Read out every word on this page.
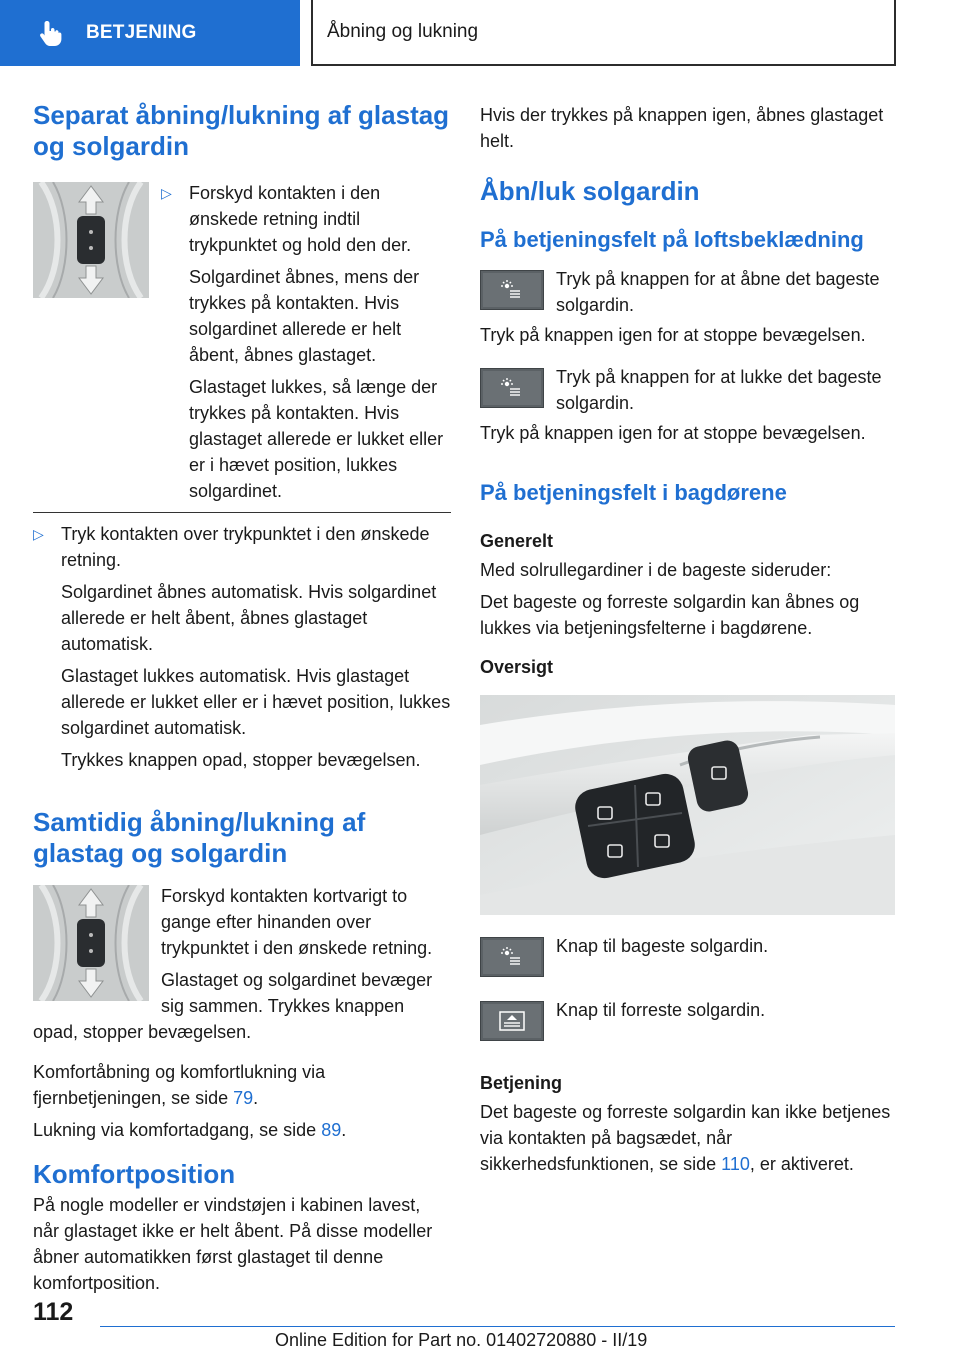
BETJENING	Åbning og lukning
Separat åbning/lukning af glastag og solgardin
▷ Forskyd kontakten i den ønskede retning indtil trykpunktet og hold den der.

Solgardinet åbnes, mens der trykkes på kontakten. Hvis solgardinet allerede er helt åbent, åbnes glastaget.

Glastaget lukkes, så længe der trykkes på kontakten. Hvis glastaget allerede er lukket eller er i hævet position, lukkes solgardinet.

▷ Tryk kontakten over trykpunktet i den ønskede retning.

Solgardinet åbnes automatisk. Hvis solgardinet allerede er helt åbent, åbnes glastaget automatisk.

Glastaget lukkes automatisk. Hvis glastaget allerede er lukket eller er i hævet position, lukkes solgardinet automatisk.

Trykkes knappen opad, stopper bevægelsen.

Samtidig åbning/lukning af glastag og solgardin

Forskyd kontakten kortvarigt to gange efter hinanden over trykpunktet i den ønskede retning.

Glastaget og solgardinet bevæger sig sammen. Trykkes knappen opad, stopper bevægelsen.

Komfortåbning og komfortlukning via fjernbetjeningen, se side 79.

Lukning via komfortadgang, se side 89.

Komfortposition

På nogle modeller er vindstøjen i kabinen lavest, når glastaget ikke er helt åbent. På disse modeller åbner automatikken først glastaget til denne komfortposition.

Hvis der trykkes på knappen igen, åbnes glastaget helt.

Åbn/luk solgardin
På betjeningsfelt på loftsbeklædning

Tryk på knappen for at åbne det bageste solgardin.

Tryk på knappen igen for at stoppe bevægelsen.

Tryk på knappen for at lukke det bageste solgardin.

Tryk på knappen igen for at stoppe bevægelsen.

På betjeningsfelt i bagdørene
Generelt

Med solrullegardiner i de bageste sideruder:

Det bageste og forreste solgardin kan åbnes og lukkes via betjeningsfelterne i bagdørene.

Oversigt

Knap til bageste solgardin.

Knap til forreste solgardin.

Betjening

Det bageste og forreste solgardin kan ikke betjenes via kontakten på bagsædet, når sikkerhedsfunktionen, se side 110, er aktiveret.

112
Online Edition for Part no. 01402720880 - II/19
